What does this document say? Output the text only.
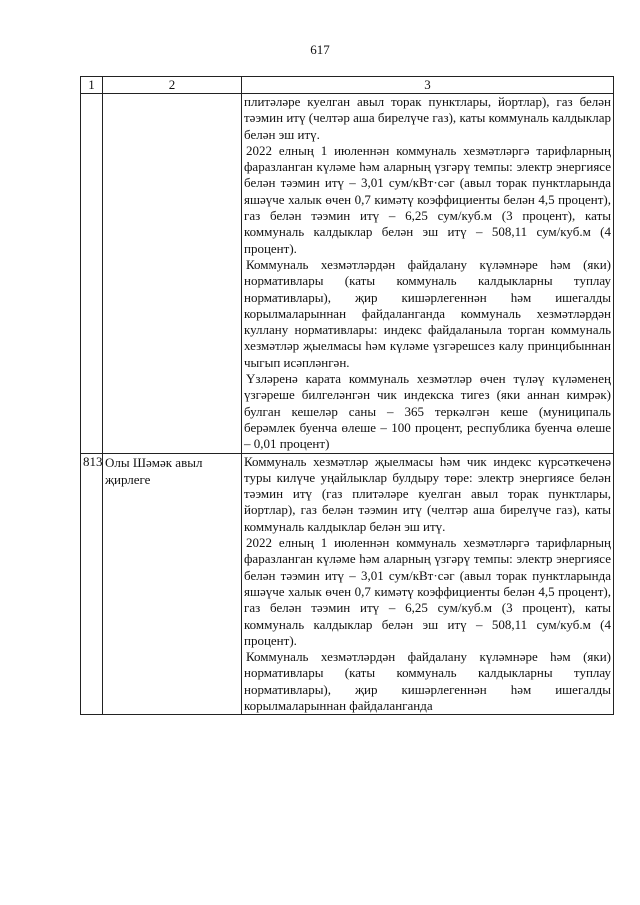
617
1	2	3

		плитәләре куелган авыл торак пунктлары, йортлар), газ белән тәэмин итү (челтәр аша бирелүче газ), каты коммуналь калдыклар белән эш итү.

2022 елның 1 июленнән коммуналь хезмәтләргә тарифларның фаразланган күләме һәм аларның үзгәрү темпы: электр энергиясе белән тәэмин итү – 3,01 сум/кВт·сәг (авыл торак пунктларында яшәүче халык өчен 0,7 кимәтү коэффициенты белән 4,5 процент), газ белән тәэмин итү – 6,25 сум/куб.м (3 процент), каты коммуналь калдыклар белән эш итү – 508,11 сум/куб.м (4 процент).

Коммуналь хезмәтләрдән файдалану күләмнәре һәм (яки) нормативлары (каты коммуналь калдыкларны туплау нормативлары), җир кишәрлегеннән һәм ишегалды корылмаларыннан файдаланганда коммуналь хезмәтләрдән куллану нормативлары: индекс файдаланыла торган коммуналь хезмәтләр җыелмасы һәм күләме үзгәрешсез калу принцибыннан чыгып исәпләнгән.

Үзләренә карата коммуналь хезмәтләр өчен түләү күләменең үзгәреше билгеләнгән чик индекска тигез (яки аннан кимрәк) булган кешеләр саны – 365 теркәлгән кеше (муниципаль берәмлек буенча өлеше – 100 процент, республика буенча өлеше – 0,01 процент)

813	Олы Шәмәк авыл җирлеге	Коммуналь хезмәтләр җыелмасы һәм чик индекс күрсәткеченә туры килүче уңайлыклар булдыру төре: электр энергиясе белән тәэмин итү (газ плитәләре куелган авыл торак пунктлары, йортлар), газ белән тәэмин итү (челтәр аша бирелүче газ), каты коммуналь калдыклар белән эш итү.

2022 елның 1 июленнән коммуналь хезмәтләргә тарифларның фаразланган күләме һәм аларның үзгәрү темпы: электр энергиясе белән тәэмин итү – 3,01 сум/кВт·сәг (авыл торак пунктларында яшәүче халык өчен 0,7 кимәтү коэффициенты белән 4,5 процент), газ белән тәэмин итү – 6,25 сум/куб.м (3 процент), каты коммуналь калдыклар белән эш итү – 508,11 сум/куб.м (4 процент).

Коммуналь хезмәтләрдән файдалану күләмнәре һәм (яки) нормативлары (каты коммуналь калдыкларны туплау нормативлары), җир кишәрлегеннән һәм ишегалды корылмаларыннан файдаланганда
